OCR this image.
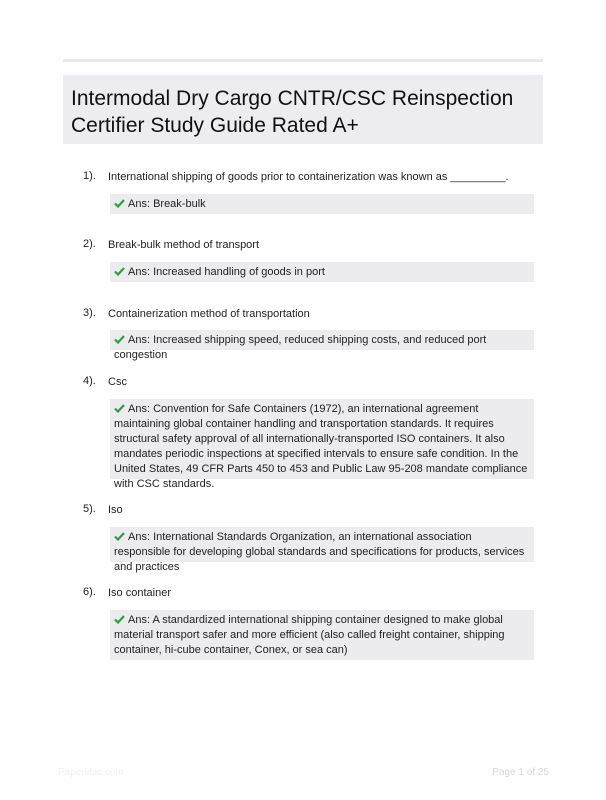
Intermodal Dry Cargo CNTR/CSC Reinspection Certifier Study Guide Rated A+
1). International shipping of goods prior to containerization was known as _________.
Ans: Break-bulk
2). Break-bulk method of transport
Ans: Increased handling of goods in port
3). Containerization method of transportation
Ans: Increased shipping speed, reduced shipping costs, and reduced port congestion
4). Csc
Ans: Convention for Safe Containers (1972), an international agreement maintaining global container handling and transportation standards. It requires structural safety approval of all internationally-transported ISO containers. It also mandates periodic inspections at specified intervals to ensure safe condition. In the United States, 49 CFR Parts 450 to 453 and Public Law 95-208 mandate compliance with CSC standards.
5). Iso
Ans: International Standards Organization, an international association responsible for developing global standards and specifications for products, services and practices
6). Iso container
Ans: A standardized international shipping container designed to make global material transport safer and more efficient (also called freight container, shipping container, hi-cube container, Conex, or sea can)
Paperlibic.com	Page 1 of 25
